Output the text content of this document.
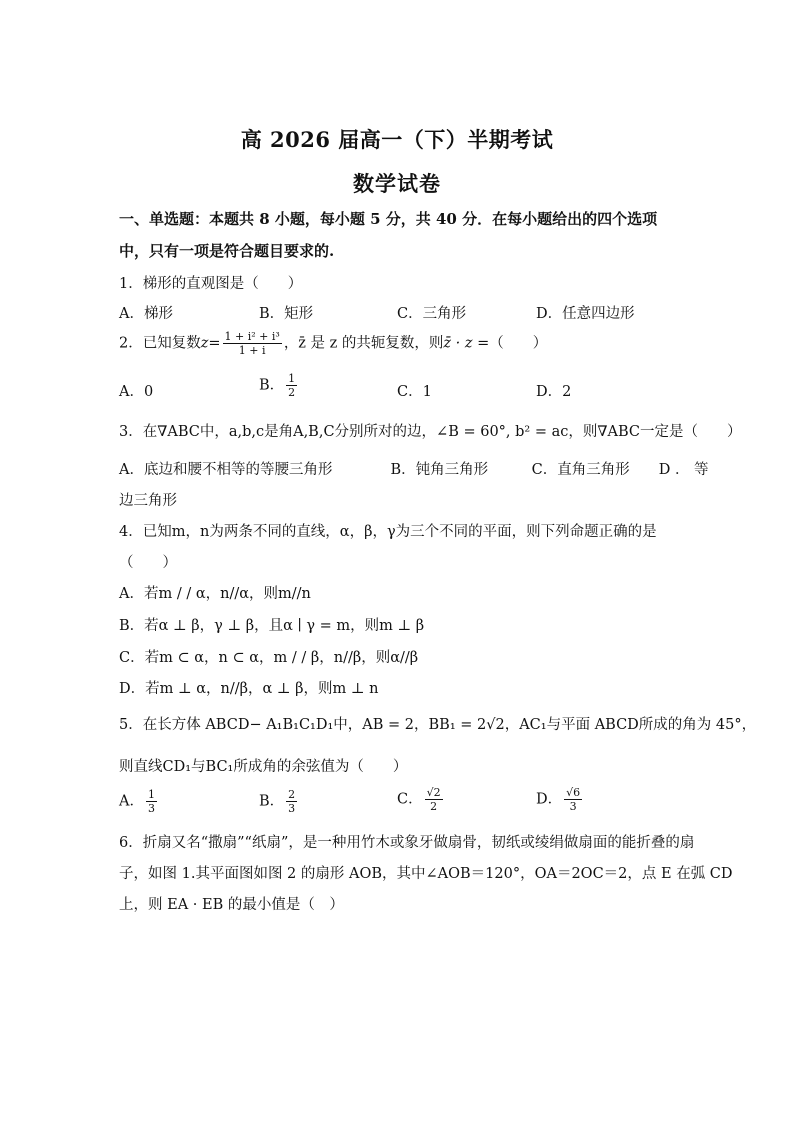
高 2026 届高一（下）半期考试
数学试卷
一、单选题：本题共 8 小题，每小题 5 分，共 40 分．在每小题给出的四个选项
中，只有一项是符合题目要求的.
1．梯形的直观图是（　　）
A．梯形	B．矩形	C．三角形	D．任意四边形
2．已知复数$z= \frac{\text{1 + i² + i³}}{1 + i}$ ，z̄ 是 z 的共轭复数，则z̄ · z =（　　）
A．0	B． $\frac{1}{2}$	C．1	D．2
3．在∇ABC中，a,b,c是角A,B,C分别所对的边，∠B = 60°, b² = ac，则∇ABC一定是（　　）
A．底边和腰不相等的等腰三角形　　　　B．钝角三角形　　　C．直角三角形　　D ． 等
边三角形
4．已知m，n为两条不同的直线，α，β，γ为三个不同的平面，则下列命题正确的是
（　　）
A．若m / / α，n//α，则m//n
B．若α ⊥ β，γ ⊥ β，且α ∣ γ = m，则m ⊥ β
C．若m ⊂ α，n ⊂ α，m / / β，n//β，则α//β
D．若m ⊥ α，n//β，α ⊥ β，则m ⊥ n
5．在长方体 ABCD− A₁B₁C₁D₁中，AB = 2，BB₁ = 2√2，AC₁与平面 ABCD所成的角为 45°，
则直线CD₁与BC₁所成角的余弦值为（　　）
A． $\frac{1}{3}$	B． $\frac{2}{3}$	C． $\frac{√2}{2}$	D． $\frac{√6}{3}$
6．折扇又名“撒扇”“纸扇”，是一种用竹木或象牙做扇骨，韧纸或绫绢做扇面的能折叠的扇
子，如图 1.其平面图如图 2 的扇形 AOB，其中∠AOB＝120°，OA＝2OC＝2，点 E 在弧 CD
上，则 EA · EB 的最小值是（　）
